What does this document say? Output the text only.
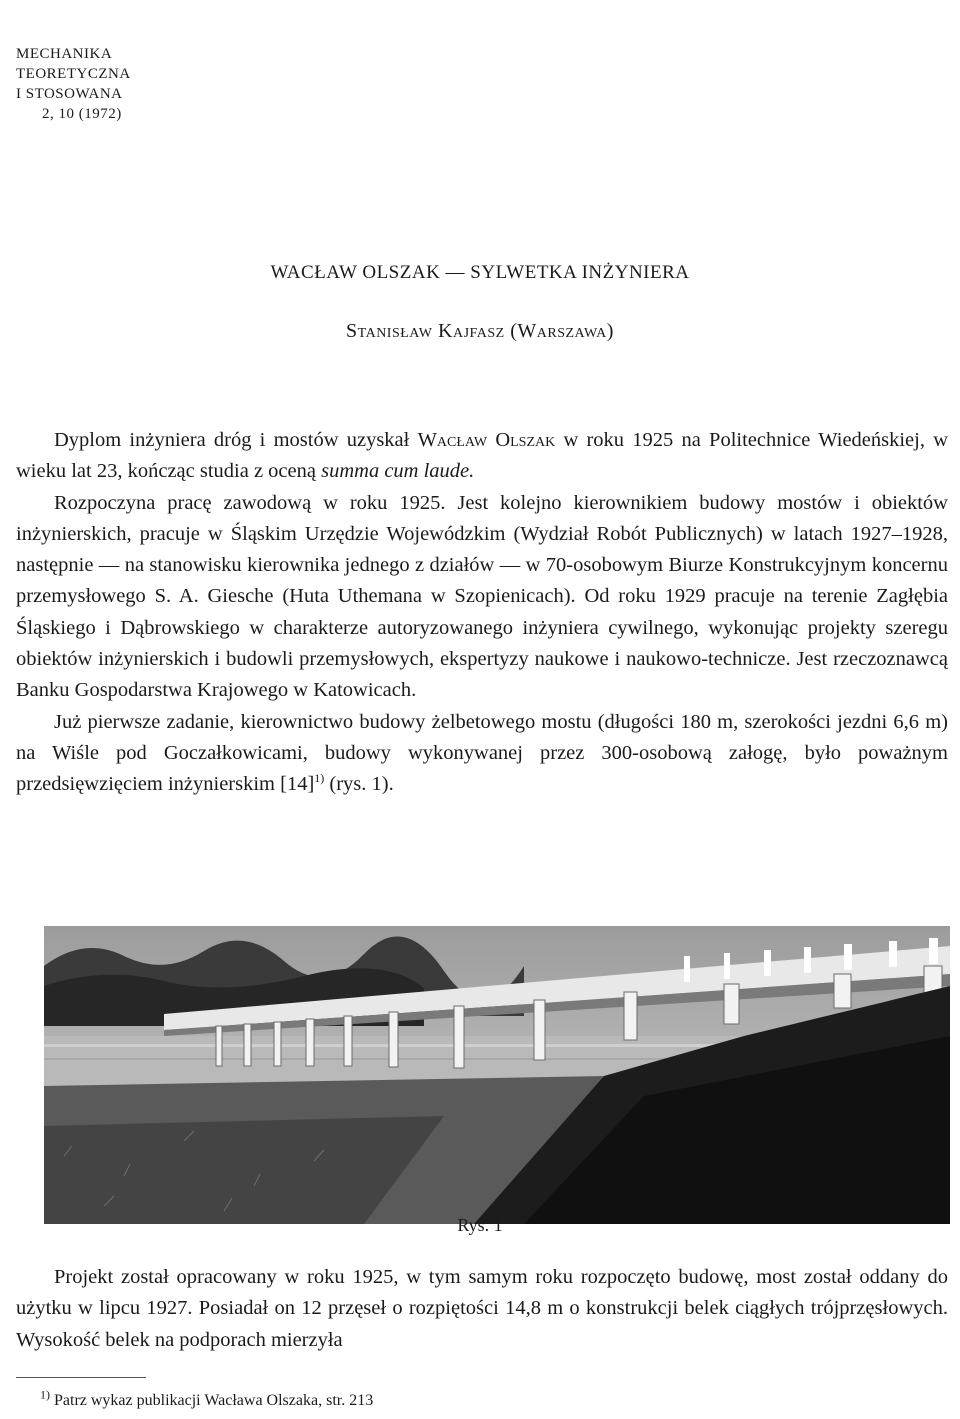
MECHANIKA
TEORETYCZNA
I STOSOWANA
2, 10 (1972)
WACŁAW OLSZAK — SYLWETKA INŻYNIERA
Stanisław Kajfasz (Warszawa)

Dyplom inżyniera dróg i mostów uzyskał Wacław Olszak w roku 1925 na Politechnice Wiedeńskiej, w wieku lat 23, kończąc studia z oceną summa cum laude.

Rozpoczyna pracę zawodową w roku 1925. Jest kolejno kierownikiem budowy mostów i obiektów inżynierskich, pracuje w Śląskim Urzędzie Wojewódzkim (Wydział Robót Publicznych) w latach 1927–1928, następnie — na stanowisku kierownika jednego z działów — w 70-osobowym Biurze Konstrukcyjnym koncernu przemysłowego S. A. Giesche (Huta Uthemana w Szopienicach). Od roku 1929 pracuje na terenie Zagłębia Śląskiego i Dąbrowskiego w charakterze autoryzowanego inżyniera cywilnego, wykonując projekty szeregu obiektów inżynierskich i budowli przemysłowych, ekspertyzy naukowe i naukowo-technicze. Jest rzeczoznawcą Banku Gospodarstwa Krajowego w Katowicach.

Już pierwsze zadanie, kierownictwo budowy żelbetowego mostu (długości 180 m, szerokości jezdni 6,6 m) na Wiśle pod Goczałkowicami, budowy wykonywanej przez 300-osobową załogę, było poważnym przedsięwzięciem inżynierskim $[14]^{1)}$ (rys. 1).

Rys. 1

Projekt został opracowany w roku 1925, w tym samym roku rozpoczęto budowę, most został oddany do użytku w lipcu 1927. Posiadał on 12 przęseł o rozpiętości 14,8 m o konstrukcji belek ciągłych trójprzęsłowych. Wysokość belek na podporach mierzyła

$^{1)}$ Patrz wykaz publikacji Wacława Olszaka, str. 213
